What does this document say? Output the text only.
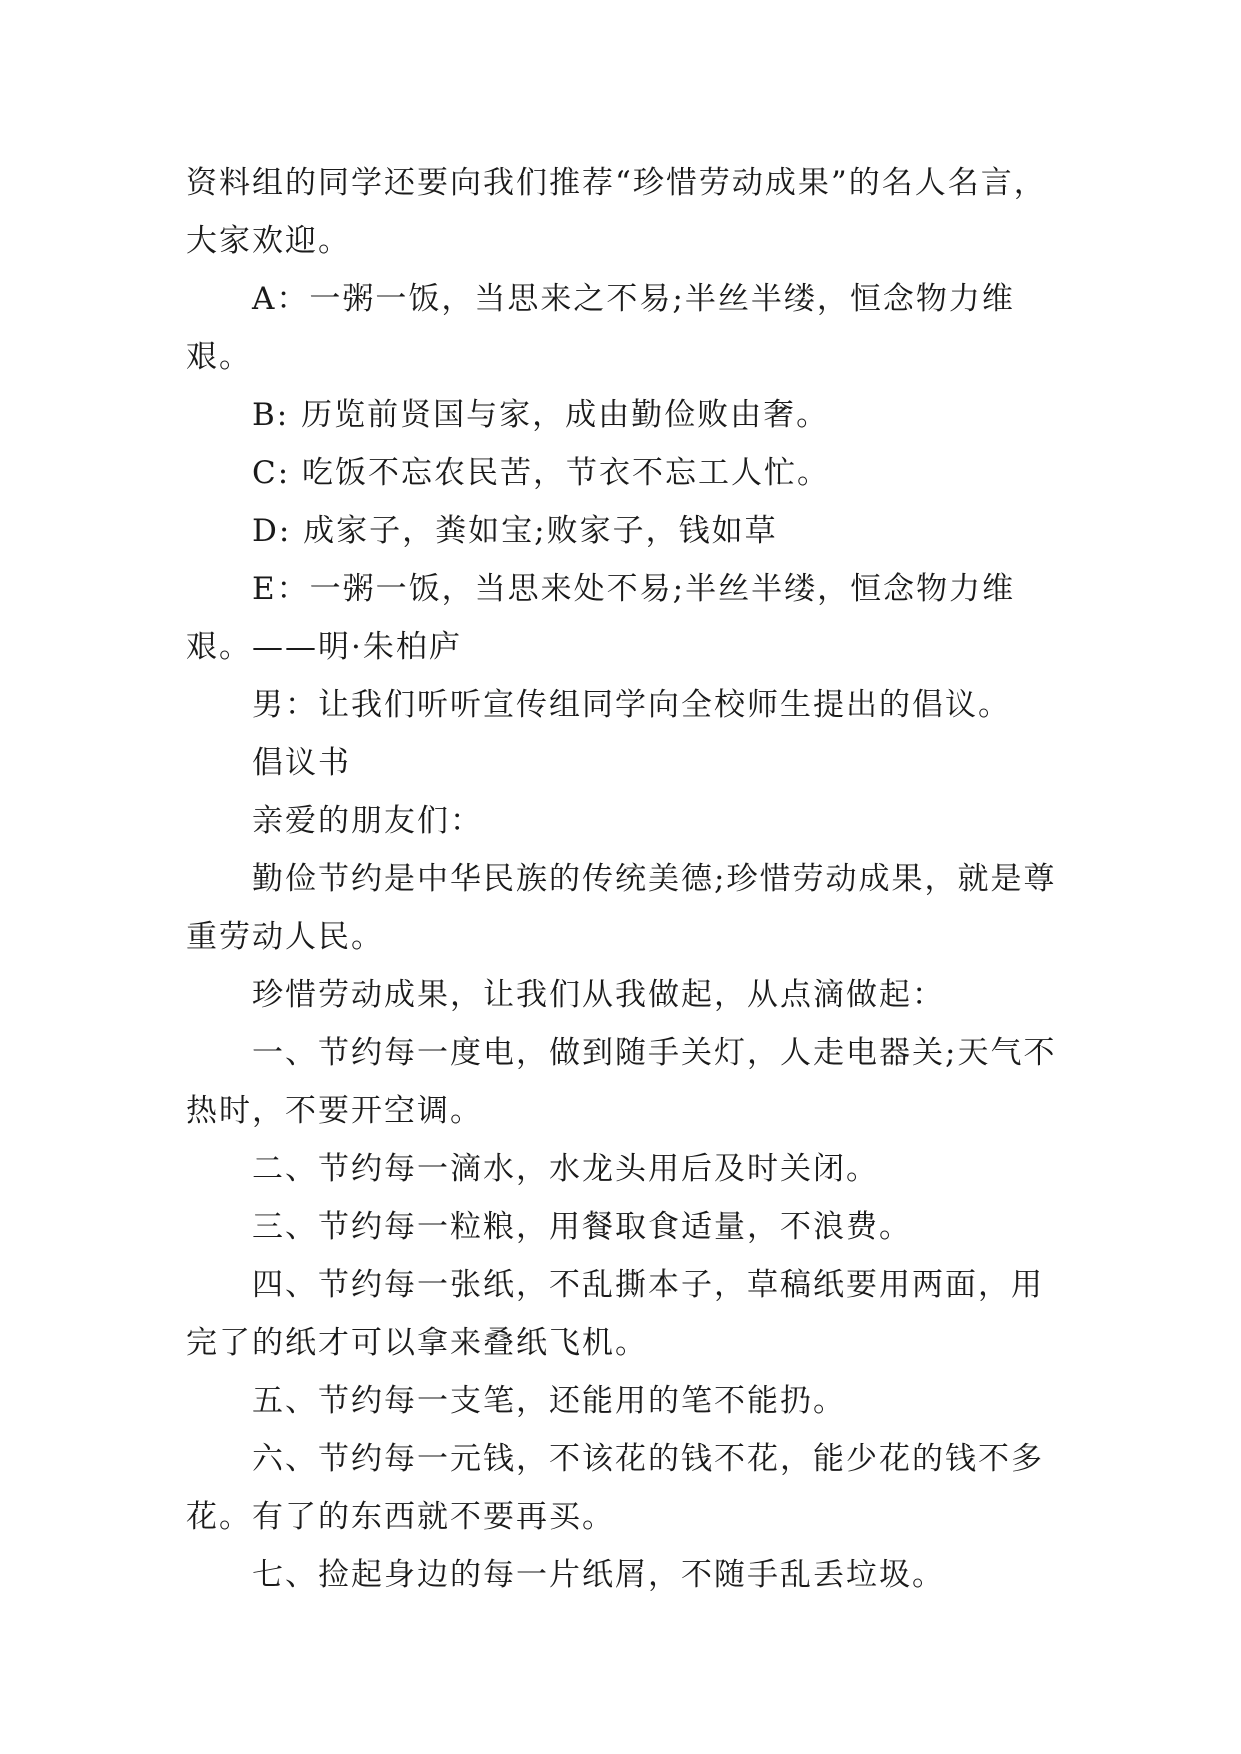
资料组的同学还要向我们推荐“珍惜劳动成果”的名人名言，大家欢迎。

A：一粥一饭，当思来之不易;半丝半缕，恒念物力维艰。

B: 历览前贤国与家，成由勤俭败由奢。

C: 吃饭不忘农民苦，节衣不忘工人忙。

D: 成家子，粪如宝;败家子，钱如草

E：一粥一饭，当思来处不易;半丝半缕，恒念物力维艰。——明·朱柏庐

男：让我们听听宣传组同学向全校师生提出的倡议。

倡议书

亲爱的朋友们：

勤俭节约是中华民族的传统美德;珍惜劳动成果，就是尊重劳动人民。

珍惜劳动成果，让我们从我做起，从点滴做起：

一、节约每一度电，做到随手关灯，人走电器关;天气不热时，不要开空调。

二、节约每一滴水，水龙头用后及时关闭。

三、节约每一粒粮，用餐取食适量，不浪费。

四、节约每一张纸，不乱撕本子，草稿纸要用两面，用完了的纸才可以拿来叠纸飞机。

五、节约每一支笔，还能用的笔不能扔。

六、节约每一元钱，不该花的钱不花，能少花的钱不多花。有了的东西就不要再买。

七、捡起身边的每一片纸屑，不随手乱丢垃圾。
